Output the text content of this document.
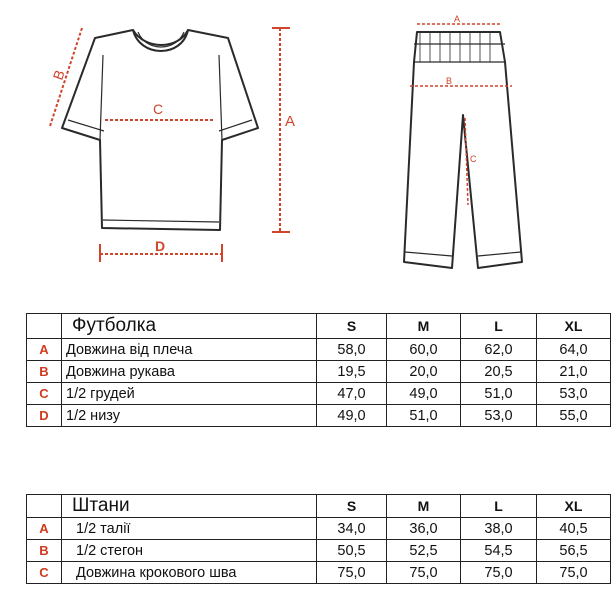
A
B
C
D
A
B
C
	Футболка	S	M	L	XL
A	Довжина від плеча	58,0	60,0	62,0	64,0
B	Довжина рукава	19,5	20,0	20,5	21,0
C	1/2 грудей	47,0	49,0	51,0	53,0
D	1/2 низу	49,0	51,0	53,0	55,0
	Штани	S	M	L	XL
A	1/2 талії	34,0	36,0	38,0	40,5
B	1/2 стегон	50,5	52,5	54,5	56,5
C	Довжина крокового шва	75,0	75,0	75,0	75,0
